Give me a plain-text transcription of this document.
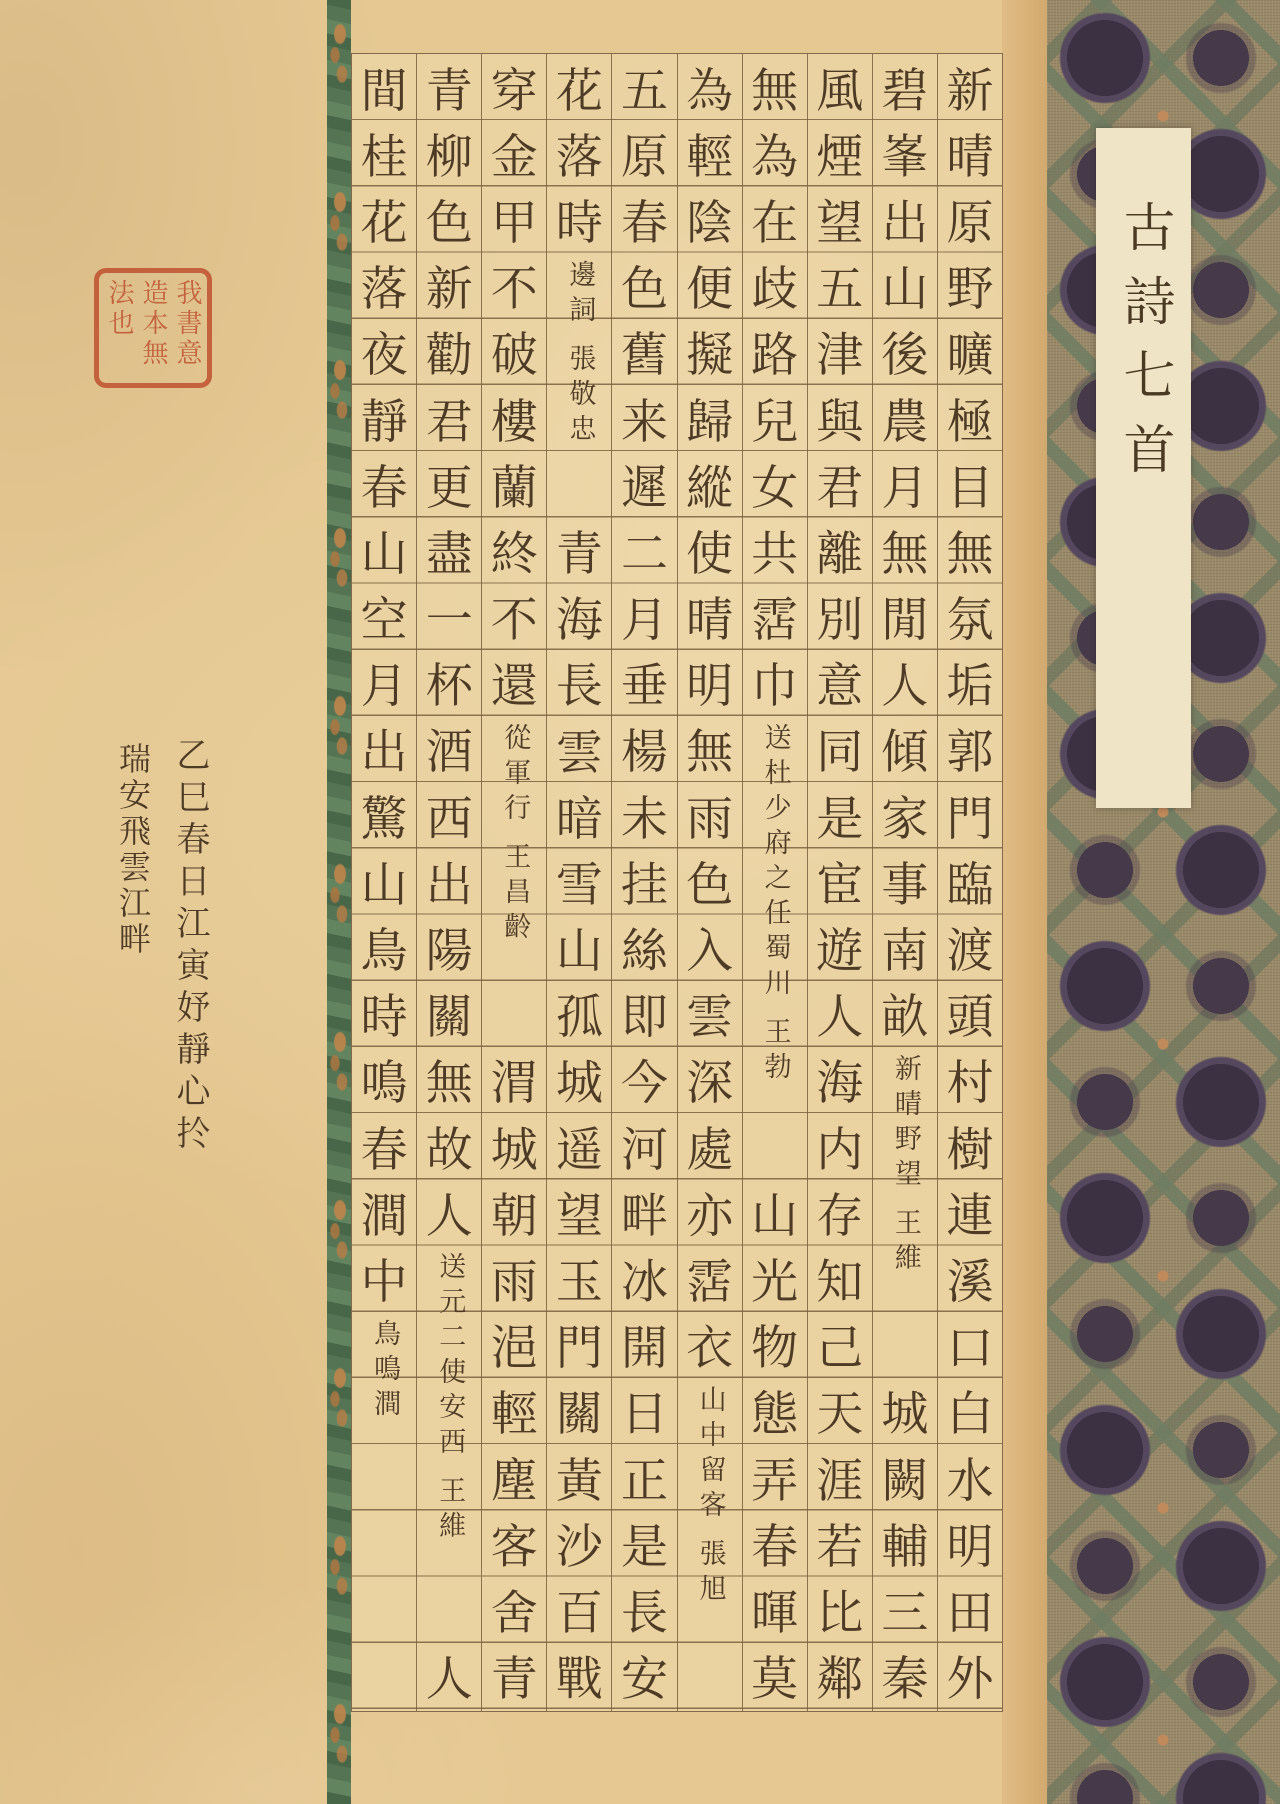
古詩七首
新
晴
原
野
曠
極
目
無
氛
垢
郭
門
臨
渡
頭
村
樹
連
溪
口
白
水
明
田
外
碧
峯
出
山
後
農
月
無
閒
人
傾
家
事
南
畝
新晴野望
王維
城
闕
輔
三
秦
風
煙
望
五
津
與
君
離
別
意
同
是
宦
遊
人
海
内
存
知
己
天
涯
若
比
鄰
無
為
在
歧
路
兒
女
共
霑
巾
送杜少府之任蜀川
王勃
山
光
物
態
弄
春
暉
莫
為
輕
陰
便
擬
歸
縱
使
晴
明
無
雨
色
入
雲
深
處
亦
霑
衣
山中留客
張旭
五
原
春
色
舊
来
遲
二
月
垂
楊
未
挂
絲
即
今
河
畔
冰
開
日
正
是
長
安
花
落
時
邊詞
張敬忠
青
海
長
雲
暗
雪
山
孤
城
遥
望
玉
門
關
黃
沙
百
戰
穿
金
甲
不
破
樓
蘭
終
不
還
從軍行
王昌齡
渭
城
朝
雨
浥
輕
塵
客
舍
青
青
柳
色
新
勸
君
更
盡
一
杯
酒
西
出
陽
關
無
故
人
送元二使安西
王維
人
間
桂
花
落
夜
靜
春
山
空
月
出
驚
山
鳥
時
鳴
春
澗
中
鳥鳴澗
我書意造本無法也
乙巳春日江寅妤靜心扵
瑞安飛雲江畔
